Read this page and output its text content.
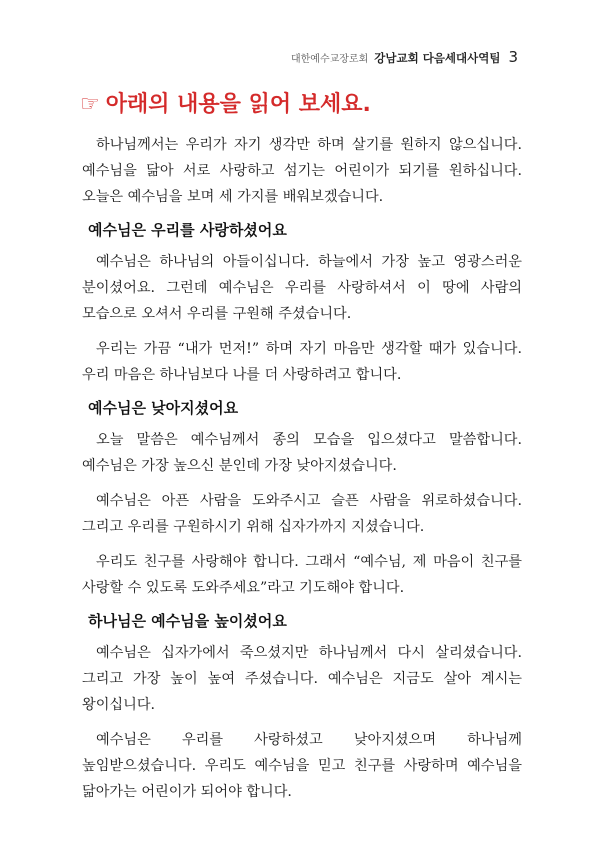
대한예수교장로회 강남교회 다음세대사역팀 3
☞ 아래의 내용을 읽어 보세요.

하나님께서는 우리가 자기 생각만 하며 살기를 원하지 않으십니다. 예수님을 닮아 서로 사랑하고 섬기는 어린이가 되기를 원하십니다. 오늘은 예수님을 보며 세 가지를 배워보겠습니다.

예수님은 우리를 사랑하셨어요

예수님은 하나님의 아들이십니다. 하늘에서 가장 높고 영광스러운 분이셨어요. 그런데 예수님은 우리를 사랑하셔서 이 땅에 사람의 모습으로 오셔서 우리를 구원해 주셨습니다.

우리는 가끔 “내가 먼저!” 하며 자기 마음만 생각할 때가 있습니다. 우리 마음은 하나님보다 나를 더 사랑하려고 합니다.

예수님은 낮아지셨어요

오늘 말씀은 예수님께서 종의 모습을 입으셨다고 말씀합니다. 예수님은 가장 높으신 분인데 가장 낮아지셨습니다.

예수님은 아픈 사람을 도와주시고 슬픈 사람을 위로하셨습니다. 그리고 우리를 구원하시기 위해 십자가까지 지셨습니다.

우리도 친구를 사랑해야 합니다. 그래서 “예수님, 제 마음이 친구를 사랑할 수 있도록 도와주세요”라고 기도해야 합니다.

하나님은 예수님을 높이셨어요

예수님은 십자가에서 죽으셨지만 하나님께서 다시 살리셨습니다. 그리고 가장 높이 높여 주셨습니다. 예수님은 지금도 살아 계시는 왕이십니다.

예수님은 우리를 사랑하셨고 낮아지셨으며 하나님께 높임받으셨습니다. 우리도 예수님을 믿고 친구를 사랑하며 예수님을 닮아가는 어린이가 되어야 합니다.
